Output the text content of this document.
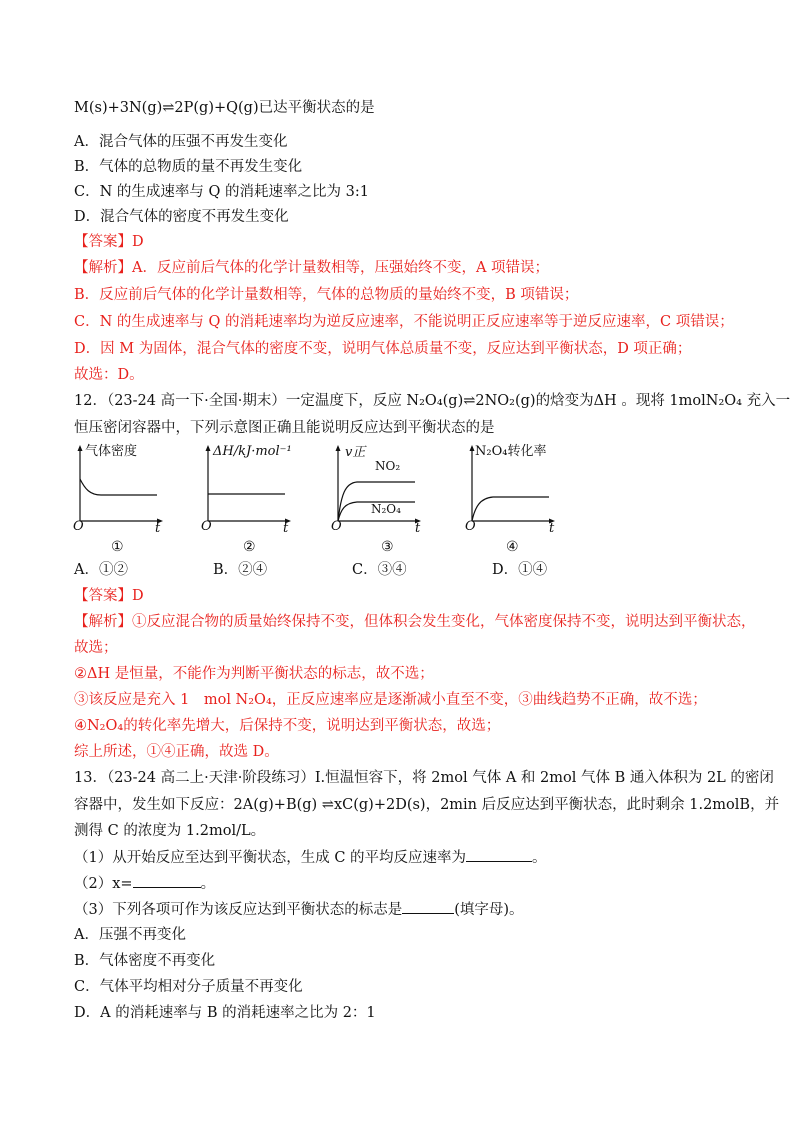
M(s)+3N(g)⇌2P(g)+Q(g)已达平衡状态的是
A．混合气体的压强不再发生变化
B．气体的总物质的量不再发生变化
C．N 的生成速率与 Q 的消耗速率之比为 3:1
D．混合气体的密度不再发生变化
【答案】D
【解析】A．反应前后气体的化学计量数相等，压强始终不变，A 项错误；
B．反应前后气体的化学计量数相等，气体的总物质的量始终不变，B 项错误；
C．N 的生成速率与 Q 的消耗速率均为逆反应速率，不能说明正反应速率等于逆反应速率，C 项错误；
D．因 M 为固体，混合气体的密度不变，说明气体总质量不变，反应达到平衡状态，D 项正确；
故选：D。
12．（23-24 高一下·全国·期末）一定温度下，反应 N₂O₄(g)⇌2NO₂(g)的焓变为ΔH 。现将 1molN₂O₄ 充入一
恒压密闭容器中，下列示意图正确且能说明反应达到平衡状态的是
气体密度
O	t
①
ΔH/kJ·mol⁻¹
O	t
②
v正
NO₂
N₂O₄
O	t
③
N₂O₄转化率
O	t
④
A．①②	B．②④	C．③④	D．①④
【答案】D
【解析】①反应混合物的质量始终保持不变，但体积会发生变化，气体密度保持不变，说明达到平衡状态，
故选；
②ΔH 是恒量，不能作为判断平衡状态的标志，故不选；
③该反应是充入 1　mol N₂O₄，正反应速率应是逐渐减小直至不变，③曲线趋势不正确，故不选；
④N₂O₄的转化率先增大，后保持不变，说明达到平衡状态，故选；
综上所述，①④正确，故选 D。
13．（23-24 高二上·天津·阶段练习）Ⅰ.恒温恒容下，将 2mol 气体 A 和 2mol 气体 B 通入体积为 2L 的密闭
容器中，发生如下反应：2A(g)+B(g) ⇌xC(g)+2D(s)，2min 后反应达到平衡状态，此时剩余 1.2molB，并
测得 C 的浓度为 1.2mol/L。
（1）从开始反应至达到平衡状态，生成 C 的平均反应速率为	。
（2）x=	。
（3）下列各项可作为该反应达到平衡状态的标志是	(填字母)。
A．压强不再变化
B．气体密度不再变化
C．气体平均相对分子质量不再变化
D．A 的消耗速率与 B 的消耗速率之比为 2：1
